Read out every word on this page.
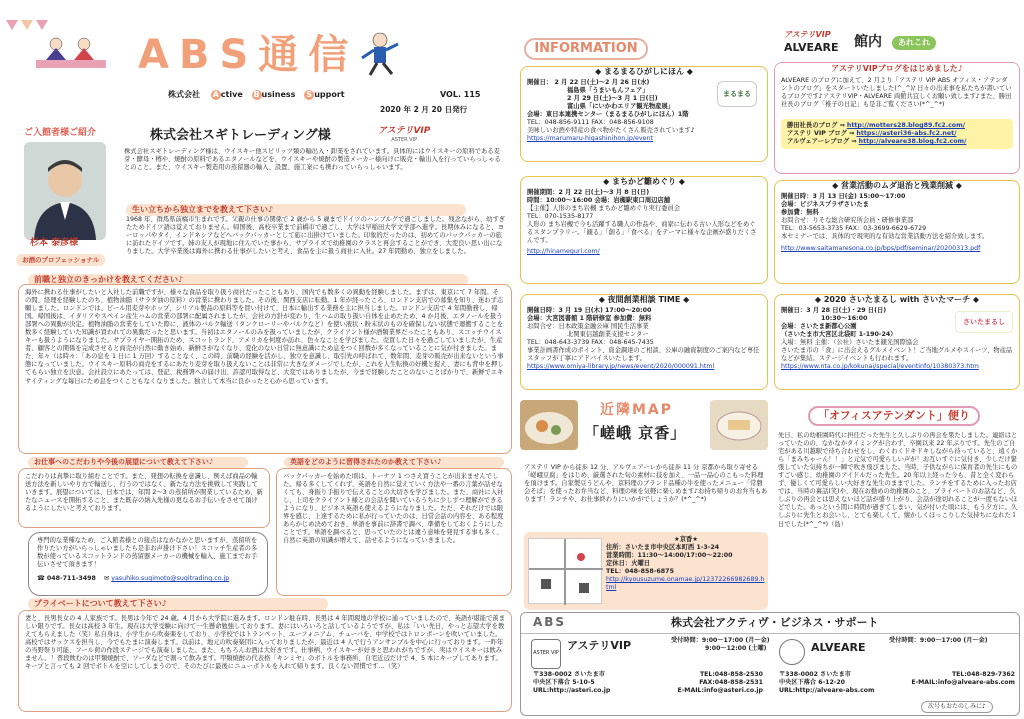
ABS通信
株式会社 A ctive B usiness S upport	VOL. 115
2020 年 2 月 20 日発行
ご入館者様ご紹介	株式会社スギトレーディング様	アステリVIP
ASTER VIP
株式会社スギトレーディング様は、ウイスキー他スピリッツ類の輸出入・卸業をされています。具体的にはウイスキーの原料である麦芽・酵母・樽や、焼酎の原料であるエタノールなどを、ウイスキーや焼酎の製造メーカー様向けに販売・輸出入を行っていらっしゃるとのこと。また、ウイスキー製造用の蒸留器の輸入、設置、施工案にも携わっていらっしゃいます。
杉本 泰彦様
お酒のプロフェッショナル
生い立ちから独立までを教えて下さい♪
1968 年、群馬県前橋市生まれです。父親の仕事の関係で 2 歳から 5 歳までドイツのハンブルグで過ごしました。残念ながら、幼すぎたためドイツ語は覚えておりません。帰国後、高校卒業まで前橋市で過ごし、大学は早稲田大学文学部へ進学。長期休みになると、ヨーロッパやタイ、インドネシアなどへバックパッカーとして旅に出掛けていました。印象的だったのは、初めてのバックパッカーの旅に訪れたドイツです。姉の友人が現地に住んでいた事から、サプライズで幼稚園のクラスと再会することができ、大変良い思い出になりました。大学卒業後は海外に携わる仕事がしたいと考え、食品を主に扱う商社に入社。27 年間勤め、独立をしました。
前職と独立のきっかけを教えてください♪
海外に携わる仕事がしたいと入社した前職ですが、様々な食品を取り扱う商社だったこともあり、国内でも数多くの異動を経験しました。まずは、東京にて 7 年間。その間、経理を経験したのち、植物油脂（サラダ油の原料）の営業に携わりました。その後、関西支店に転勤。1 年が経ったころ、ロンドン支店での募集を知り、迷わず志願しました。ロンドンでは、ビール用麦芽やホップ、シリアル製品の原料等を買い付けて、日本に輸出する業務を主に担当しました。ロンドン支店で 4 年間勤務し、帰国。帰国後は、イタリアやスペイン産生ハムの営業の部署に配属されましたが、会社の方針が変わり、生ハムの取り扱い自体を止めたため、4 か月後、エタノールを扱う部署への異動が決定。植物油脂の営業をしていた際に、液体のバルク輸送（タンクローリーやバルクなど）を使い液状・粉末状のものを確保しない状態で運搬することを数多く経験していた知識が買われての異動だったと思います。当初はエタノールのみを扱っていましたが、クライアント様が酒類業界だったこともあり、スコッチウイスキーも扱うようになりました。サプライヤー開拓のため、スコットランド、アメリカを何度か訪れ、色々なことを学びました。売買した日々を過ごしていましたが、生産者、顧客との関係を完成させると商売が自然に動き始め、新鮮さがなくなり、変化のない日常に無意識にため息をつく回数が多くなっていることに気が付きました。また、年々（は時々：「あの息を 1 日に 1 万回）することなく、この時、前職の経験を活かし、独立を意識し、取引先の呼ばれて、数年間、麦芽の販売が出来ないという事態になっていました。ウイスキー原料の商売をするにあたり麦芽を取り扱えないことは非常に大きなダメージでしたが、これを人生転換の好機と捉え、妻にも背中を押してもらい独立を決意。会社設立にあたっては、登記、税務署への届け出、許認可取得など、大変ではありましたが、今まで経験したことのないことばかりで、新鮮でエキサイティングな毎日にため息をつくこともなくなりました。独立して本当に良かったと心から思っています。
お仕事へのこだわりや今後の展望について教えて下さい♪
こだわりは真摯に取り組むことです。また、発想の転換を意識し、例えば商品の輸送方法を新しいやり方で輸送し、行うのではなく、新たな方法を挑戦して実践していきます。展望については、日本では、年間 2〜3 の蒸留所が開業しているため、新たなニュースを開拓すること、また既存の納入先様の更なるお手伝いをさせて頂けるようにしたいと考えております。
英語をどのように習得されたのか教えて下さい♪
バックパッカーを始めた頃は、トーナツ 1 つさえ買うことが出来ませんでした。帰る多くしてくれず、英語を自然に覚えていく方法や一番の言葉が話せなくても、身振り手振りで伝えることの大切さを学びました。また、商社に入社し、上司をクライアント様との会話を聞いているうちに少しずつ理解ができるようになり、ビジネス英語も使えるようになりました。ただ、それだけでは限界を感じ、上達するために私が行っていたのは、日常会話の内容を、ある程度あらかじめ決めておき、単語を事前に辞書で調べ、準備をしておくようにしたことです。単語を調べると、思っていたのとは違う意味を発見する事も多く、自然に英語の知識が増えて、話せるようになっていきました。
専門的な業種なため、ご入館者様との接点はなかなかと思いますが、蒸留所を作りたい方がいらっしゃいましたら是非お声掛け下さい！スコッチ生産者の多数が使っているスコットランドの蒸留器メーカーの機械を輸入、施工までお手伝いさせて頂きます！
☎ 048-711-3498 ✉ yasuhiko.sugimoto@sugitrading.co.jp
プライベートについて教えて下さい♪
妻と、長男長女の 4 人家族です。長男は今年で 24 歳。4 月から大学院に進みます。ロンドン駐在時、長男は 4 年間現地の学校に通っていましたので、英語が堪能で羨ましい限りです。長女は高校 3 年生。現在は大学受験に向けて一生懸命勉強しております。妻にはいろいろと話しているようですが、私は「いい先日、やっと志望大学を教えてもらえました（笑）私自身は、小学生から吹奏楽をしており、小学校ではトランペット、ユーフォニアム、チューバを、中学校ではトロンボーンを吹いていました。高校ではサックスを担当し、今でもたまに演奏します。以前は、地元の吹奏楽団に入っておりましたが、最近は 4 人で行うアンサンブルを中心に行っております。一昨年の当野祭り可能、フール荷の作段ステージでも演奏しました。また、もちろんお酒は大好きです。仕事柄、ウイスキーが好きと思われがちですが、実はウイスキーは飲みません。！普段飲むのは甲類焼酎で、ソーダなどで割って飲みます。甲類焼酎の代表格「キンミヤ」のボトルを事務所、自宅近辺だけで 4、5 本にキープしてあります。キープと言っても 2 回でボトルを空にしてしまうので、そのたびに最後にニューボトルを入れて帰ります。良くない習慣です…（笑）
INFORMATION
◆ まるまるひがしにほん ◆
開催日： 2 月 22 日(土)〜2 月 26 日(水)
福島県「うまいもんフェア」
2 月 29 日(土)〜3 月 1 日(日)
富山県「にいかわエリア観光物産展」
会場：東日本連携センター（まるまるひがしにほん）1階
TEL：048-856-9111 FAX：048-856-9108
美味しいお酒や特産の食べ物がたくさん販売されています♪
https://marumaru-higashinihon.jp/event
まるまる
◆ まちかど雛めぐり ◆
開催期間：2 月 22 日(土)〜3 月 8 日(日)
時間：10:00〜16:00 会場：岩槻駅東口周辺店舗
【主催】人形のまち岩槻 まちかど雛めぐり実行委員会
TEL：070-1535-8177
人形の まち岩槻で今も活躍する職人の作品や、商家に伝わる古い人形などをめぐるスタンプラリー。「観る」「創る」「食べる」をテーマに様々な企画が盛りだくさんです。
http://hinameguri.com/
◆ 夜間創業相談 TIME ◆
開催日時：3 月 19 日(木) 17:00〜20:00
会場：大宮図書館 1 階研修室 参加費：無料
お問合せ：日本政策金融公庫 国民生活事業
北関東信越創業支援センター
TEL：048-643-3739 FAX：048-645-7435
事業計画書作成のポイント、資金調達のご相談、公庫の融資制度のご案内など専任スタッフが丁寧にアドバイスいたします。
https://www.omiya-library.jp/news/event/2020/000091.html
アステリVIP
ALVEARE 館内	あれこれ
アステリVIPブログをはじめました♪
ALVEARE のブログに加えて、2 月より「アステリ VIP ABS オフィス・アテンダントのブログ」をスタートいたしました(^_^)/ 日々の出来事を私たちが書いているブログです♪アステリVIP・ALVEARE 両館共宜しくお願い致します♪また、勝田社長のブログ「椎子の日記」も是非ご覧ください(*^_^*)
勝田社長のブログ ⇒ http://motters28.blog89.fc2.com/
アステリ VIP ブログ ⇒ https://asteri36-abs.fc2.net/
アルヴェアーレブログ ⇒ http://alveare38.blog.fc2.com/
◆ 営業活動のムダ退治と残業削減 ◆
開催日時：3 月 13 日(金) 15:00〜17:00
会場：ビジネスプラザさいたま
参加費：無料
お問合せ：りそな総合研究所会員・研修事業部
TEL：03-5653-3735 FAX：03-3699-6629-6729
本セミナーでは、具体的で現実的な有効な営業活動方法を紹介致します。
http://www.saitamaresona.co.jp/bps/pdf/seminar/20200313.pdf
◆ 2020 さいたまるし with さいたマーチ ◆
開催日：3 月 28 日(土)・29 日(日)
10:30〜16:00
会場：さいたま新都心公園
（さいたま市大宮区北袋町 1-190-24）
入場：無料 主催：（公社）さいたま観光国際協会
さいたま市の「食」に出会えるグルメイベント！ご当地グルメやスイーツ、物産品などが集結。ステージイベントも行われます。
https://www.nta.co.jp/kokunai/special/eventinfo/10380373.htm
さいたまるし
近隣MAP
「嵯峨 京香」
アステリ VIP から徒歩 12 分、アルヴェアーレから徒歩 11 分 京都から取り寄せる「嵯峨豆腐」をはじめ、厳選された旬の素材に技を加え、一品一品心のこもった料理を頂けます。自家製豆うどんや、京料理のブランド品種の牛を使ったメニュー「常磐会そば」を使ったお弁当など、料理の味を気軽に楽しめます♪お持ち帰りのお弁当もあります！ランチや、お仕事終わりにいかがでしょうか？(*^_^*)
★京香★
住所：さいたま市中央区本町西 1-3-24
営業時間：11:30〜14:00/17:00〜22:00
定休日：火曜日
TEL：048-858-6875
http://kyousuzume.onamae.jp/12372266982689.html
「オフィスアテンダント」便り
先日、私の幼稚園時代に担任だった先生と久しぶりの再会を果たしました。連絡はとっていたのの、なかなかタイミングが合わず、卒園以来 22 年ぶりです。先生のご自宅がある川越駅で待ち合わせをし、わくわくドキドキしながら待っていると、遠くから「まみちゃーん！！」と元気で可愛らしい声が！お互いすぐに気付き、少しだけ緊張していた気持ちが一瞬で吹き飛びました。当時、子供ながらに保育者の先生にものすごい感じ、幼稚園のアイドルだった先生。20 年以上経った今も、昔と全く変わらず、優しくて可愛らしい大好きな先生のままでした。ランチをするために入ったお店では、当時の裏話(笑)や、現在お勤めの幼稚園のこと、プライベートのお話など、久しぶりの再会とは思えないほど話が盛り上がり、会話が途切れることが一度もないほどでした。あっという間に時間が過ぎてしまい、気が付いた頃には、もう夕方に。久しぶりに先生とお会いし、とても楽しくて、懐かしくほっこりした気持ちになれた１日でした(*^_^*)（島）
ABS	株式会社アクティヴ・ビジネス・サポート
ASTER VIP
アステリVIP	受付時間：9:00〜17:00 (月〜金)
9:00〜12:00 (土曜)
〒338-0002 さいたま市	TEL:048-858-2530
中央区下落合 5-10-5	FAX:048-858-2531
URL:http://asteri.co.jp	E-MAIL:info@asteri.co.jp
ALVEARE
受付時間：9:00〜17:00 (月〜金)
〒338-0002 さいたま市	TEL:048-829-7362
中央区下落合 6-12-20	E-MAIL:info@alveare-abs.com
URL:http://alveare-abs.com
次号もおたのしみに♪
